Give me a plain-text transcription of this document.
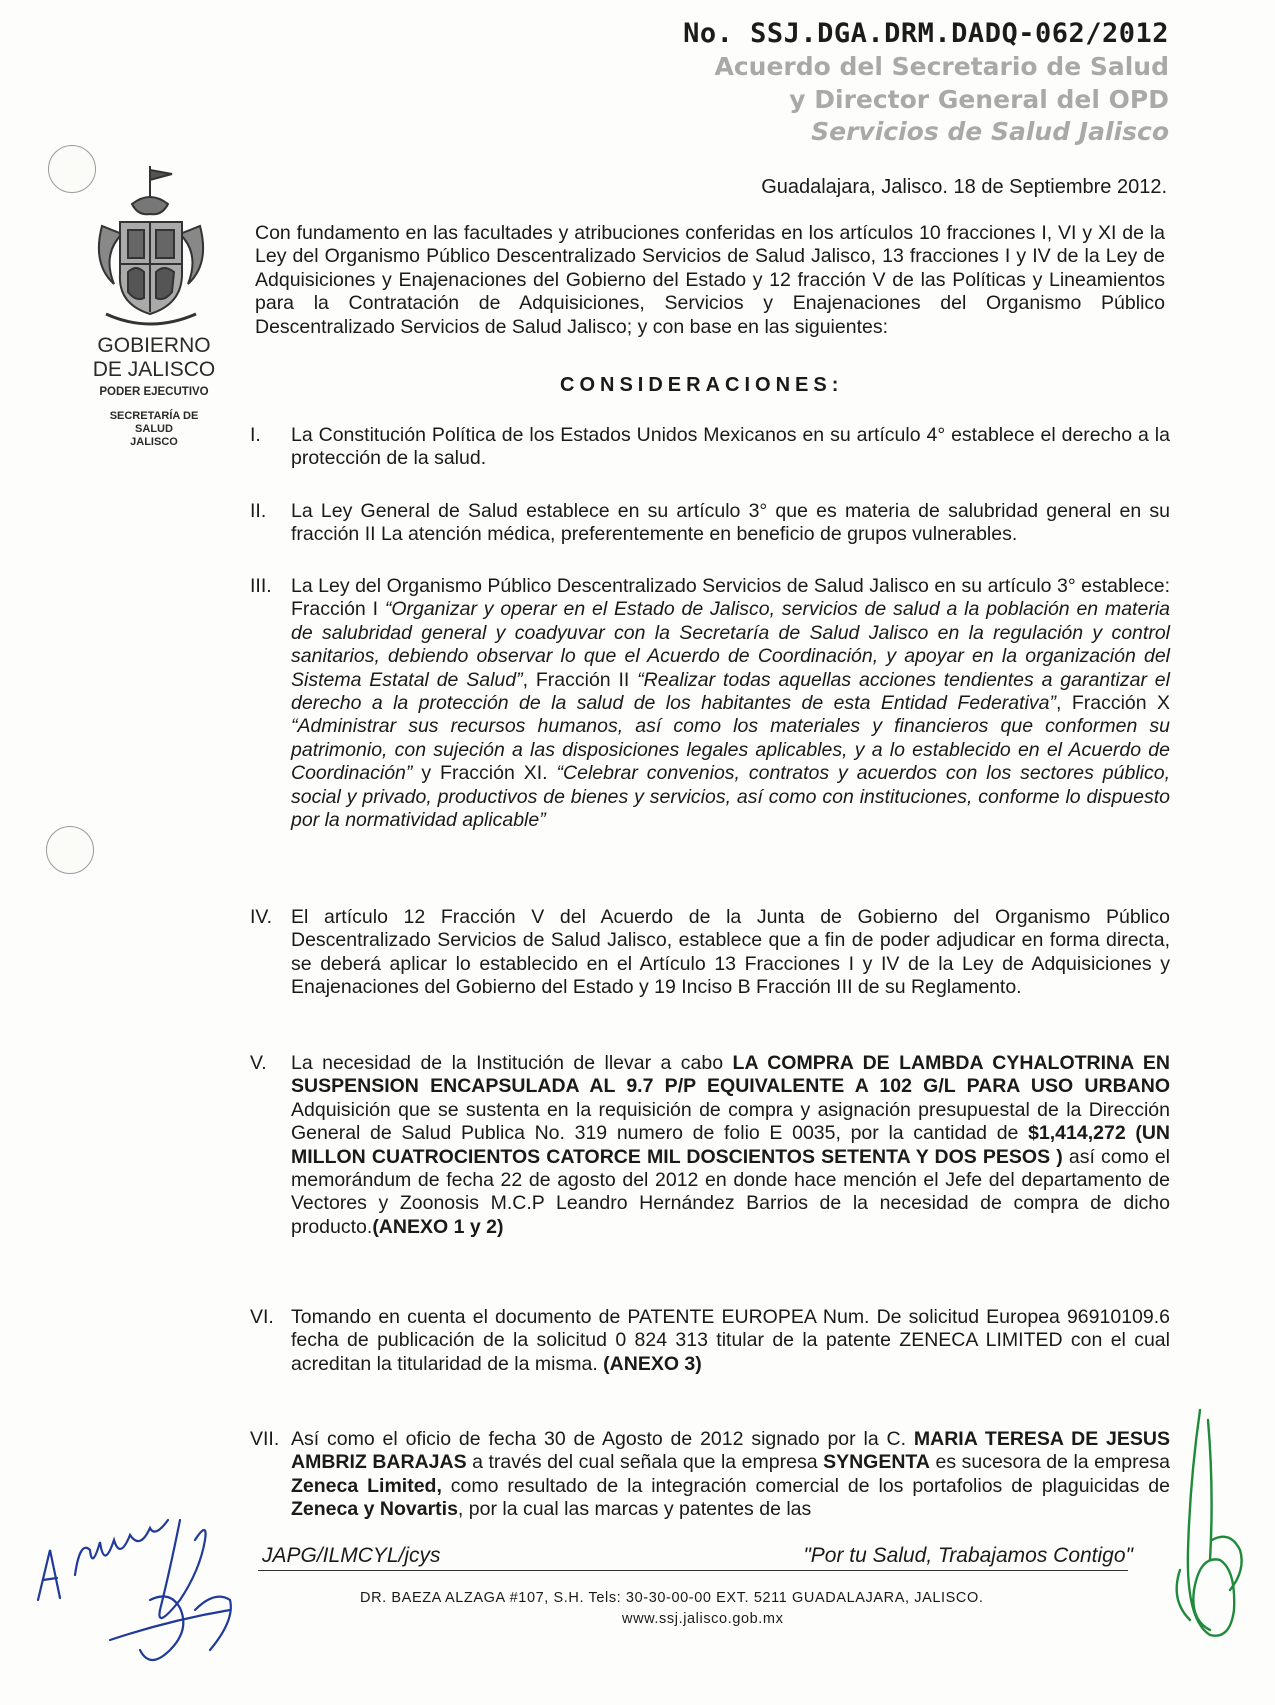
No. SSJ.DGA.DRM.DADQ-062/2012
Acuerdo del Secretario de Salud
y Director General del OPD
Servicios de Salud Jalisco
GOBIERNO
DE JALISCO
PODER EJECUTIVO
SECRETARÍA DE
SALUD
JALISCO
Guadalajara, Jalisco. 18 de Septiembre 2012.
Con fundamento en las facultades y atribuciones conferidas en los artículos 10 fracciones I, VI y XI de la Ley del Organismo Público Descentralizado Servicios de Salud Jalisco, 13 fracciones I y IV de la Ley de Adquisiciones y Enajenaciones del Gobierno del Estado y 12 fracción V de las Políticas y Lineamientos para la Contratación de Adquisiciones, Servicios y Enajenaciones del Organismo Público Descentralizado Servicios de Salud Jalisco; y con base en las siguientes:
CONSIDERACIONES:
I.	La Constitución Política de los Estados Unidos Mexicanos en su artículo 4° establece el derecho a la protección de la salud.
II.	La Ley General de Salud establece en su artículo 3° que es materia de salubridad general en su fracción II La atención médica, preferentemente en beneficio de grupos vulnerables.
III. La Ley del Organismo Público Descentralizado Servicios de Salud Jalisco en su artículo 3° establece: Fracción I “Organizar y operar en el Estado de Jalisco, servicios de salud a la población en materia de salubridad general y coadyuvar con la Secretaría de Salud Jalisco en la regulación y control sanitarios, debiendo observar lo que el Acuerdo de Coordinación, y apoyar en la organización del Sistema Estatal de Salud”, Fracción II “Realizar todas aquellas acciones tendientes a garantizar el derecho a la protección de la salud de los habitantes de esta Entidad Federativa”, Fracción X “Administrar sus recursos humanos, así como los materiales y financieros que conformen su patrimonio, con sujeción a las disposiciones legales aplicables, y a lo establecido en el Acuerdo de Coordinación” y Fracción XI. “Celebrar convenios, contratos y acuerdos con los sectores público, social y privado, productivos de bienes y servicios, así como con instituciones, conforme lo dispuesto por la normatividad aplicable”
IV. El artículo 12 Fracción V del Acuerdo de la Junta de Gobierno del Organismo Público Descentralizado Servicios de Salud Jalisco, establece que a fin de poder adjudicar en forma directa, se deberá aplicar lo establecido en el Artículo 13 Fracciones I y IV de la Ley de Adquisiciones y Enajenaciones del Gobierno del Estado y 19 Inciso B Fracción III de su Reglamento.
V.	La necesidad de la Institución de llevar a cabo LA COMPRA DE LAMBDA CYHALOTRINA EN SUSPENSION ENCAPSULADA AL 9.7 P/P EQUIVALENTE A 102 G/L PARA USO URBANO Adquisición que se sustenta en la requisición de compra y asignación presupuestal de la Dirección General de Salud Publica No. 319 numero de folio E 0035, por la cantidad de $1,414,272 (UN MILLON CUATROCIENTOS CATORCE MIL DOSCIENTOS SETENTA Y DOS PESOS ) así como el memorándum de fecha 22 de agosto del 2012 en donde hace mención el Jefe del departamento de Vectores y Zoonosis M.C.P Leandro Hernández Barrios de la necesidad de compra de dicho producto.(ANEXO 1 y 2)
VI. Tomando en cuenta el documento de PATENTE EUROPEA Num. De solicitud Europea 96910109.6 fecha de publicación de la solicitud 0 824 313 titular de la patente ZENECA LIMITED con el cual acreditan la titularidad de la misma. (ANEXO 3)
VII. Así como el oficio de fecha 30 de Agosto de 2012 signado por la C. MARIA TERESA DE JESUS AMBRIZ BARAJAS a través del cual señala que la empresa SYNGENTA es sucesora de la empresa Zeneca Limited, como resultado de la integración comercial de los portafolios de plaguicidas de Zeneca y Novartis, por la cual las marcas y patentes de las
JAPG/ILMCYL/jcys	"Por tu Salud, Trabajamos Contigo"
DR. BAEZA ALZAGA #107, S.H. Tels: 30-30-00-00 EXT. 5211 GUADALAJARA, JALISCO.
www.ssj.jalisco.gob.mx
